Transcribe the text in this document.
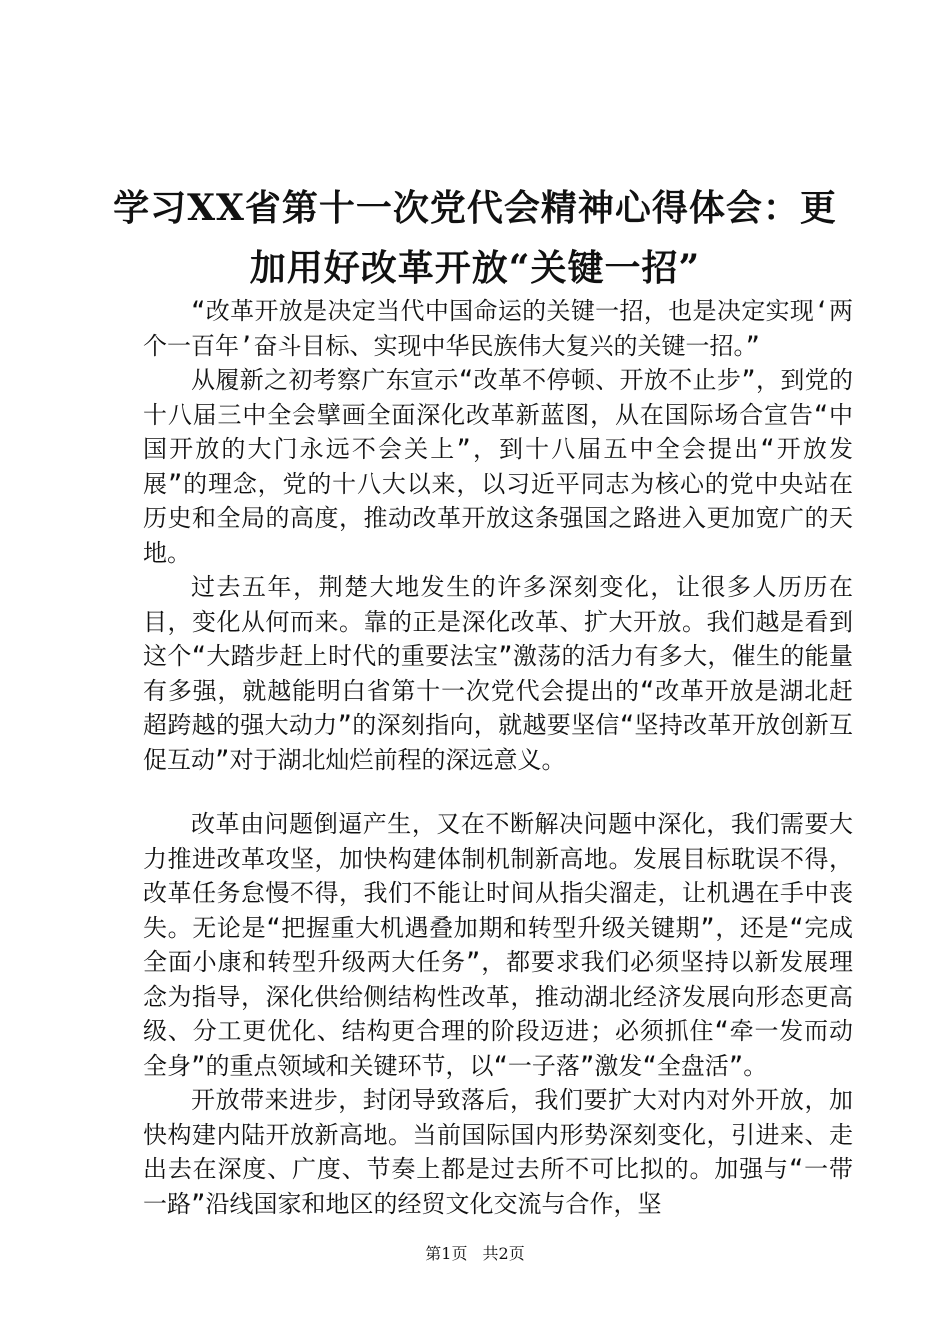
学习XX省第十一次党代会精神心得体会：更加用好改革开放“关键一招”

“改革开放是决定当代中国命运的关键一招，也是决定实现‘两个一百年’奋斗目标、实现中华民族伟大复兴的关键一招。”

从履新之初考察广东宣示“改革不停顿、开放不止步”，到党的十八届三中全会擘画全面深化改革新蓝图，从在国际场合宣告“中国开放的大门永远不会关上”，到十八届五中全会提出“开放发展”的理念，党的十八大以来，以习近平同志为核心的党中央站在历史和全局的高度，推动改革开放这条强国之路进入更加宽广的天地。

过去五年，荆楚大地发生的许多深刻变化，让很多人历历在目，变化从何而来。靠的正是深化改革、扩大开放。我们越是看到这个“大踏步赶上时代的重要法宝”激荡的活力有多大，催生的能量有多强，就越能明白省第十一次党代会提出的“改革开放是湖北赶超跨越的强大动力”的深刻指向，就越要坚信“坚持改革开放创新互促互动”对于湖北灿烂前程的深远意义。

改革由问题倒逼产生，又在不断解决问题中深化，我们需要大力推进改革攻坚，加快构建体制机制新高地。发展目标耽误不得，改革任务怠慢不得，我们不能让时间从指尖溜走，让机遇在手中丧失。无论是“把握重大机遇叠加期和转型升级关键期”，还是“完成全面小康和转型升级两大任务”，都要求我们必须坚持以新发展理念为指导，深化供给侧结构性改革，推动湖北经济发展向形态更高级、分工更优化、结构更合理的阶段迈进；必须抓住“牵一发而动全身”的重点领域和关键环节，以“一子落”激发“全盘活”。

开放带来进步，封闭导致落后，我们要扩大对内对外开放，加快构建内陆开放新高地。当前国际国内形势深刻变化，引进来、走出去在深度、广度、节奏上都是过去所不可比拟的。加强与“一带一路”沿线国家和地区的经贸文化交流与合作，坚

第1页 共2页
